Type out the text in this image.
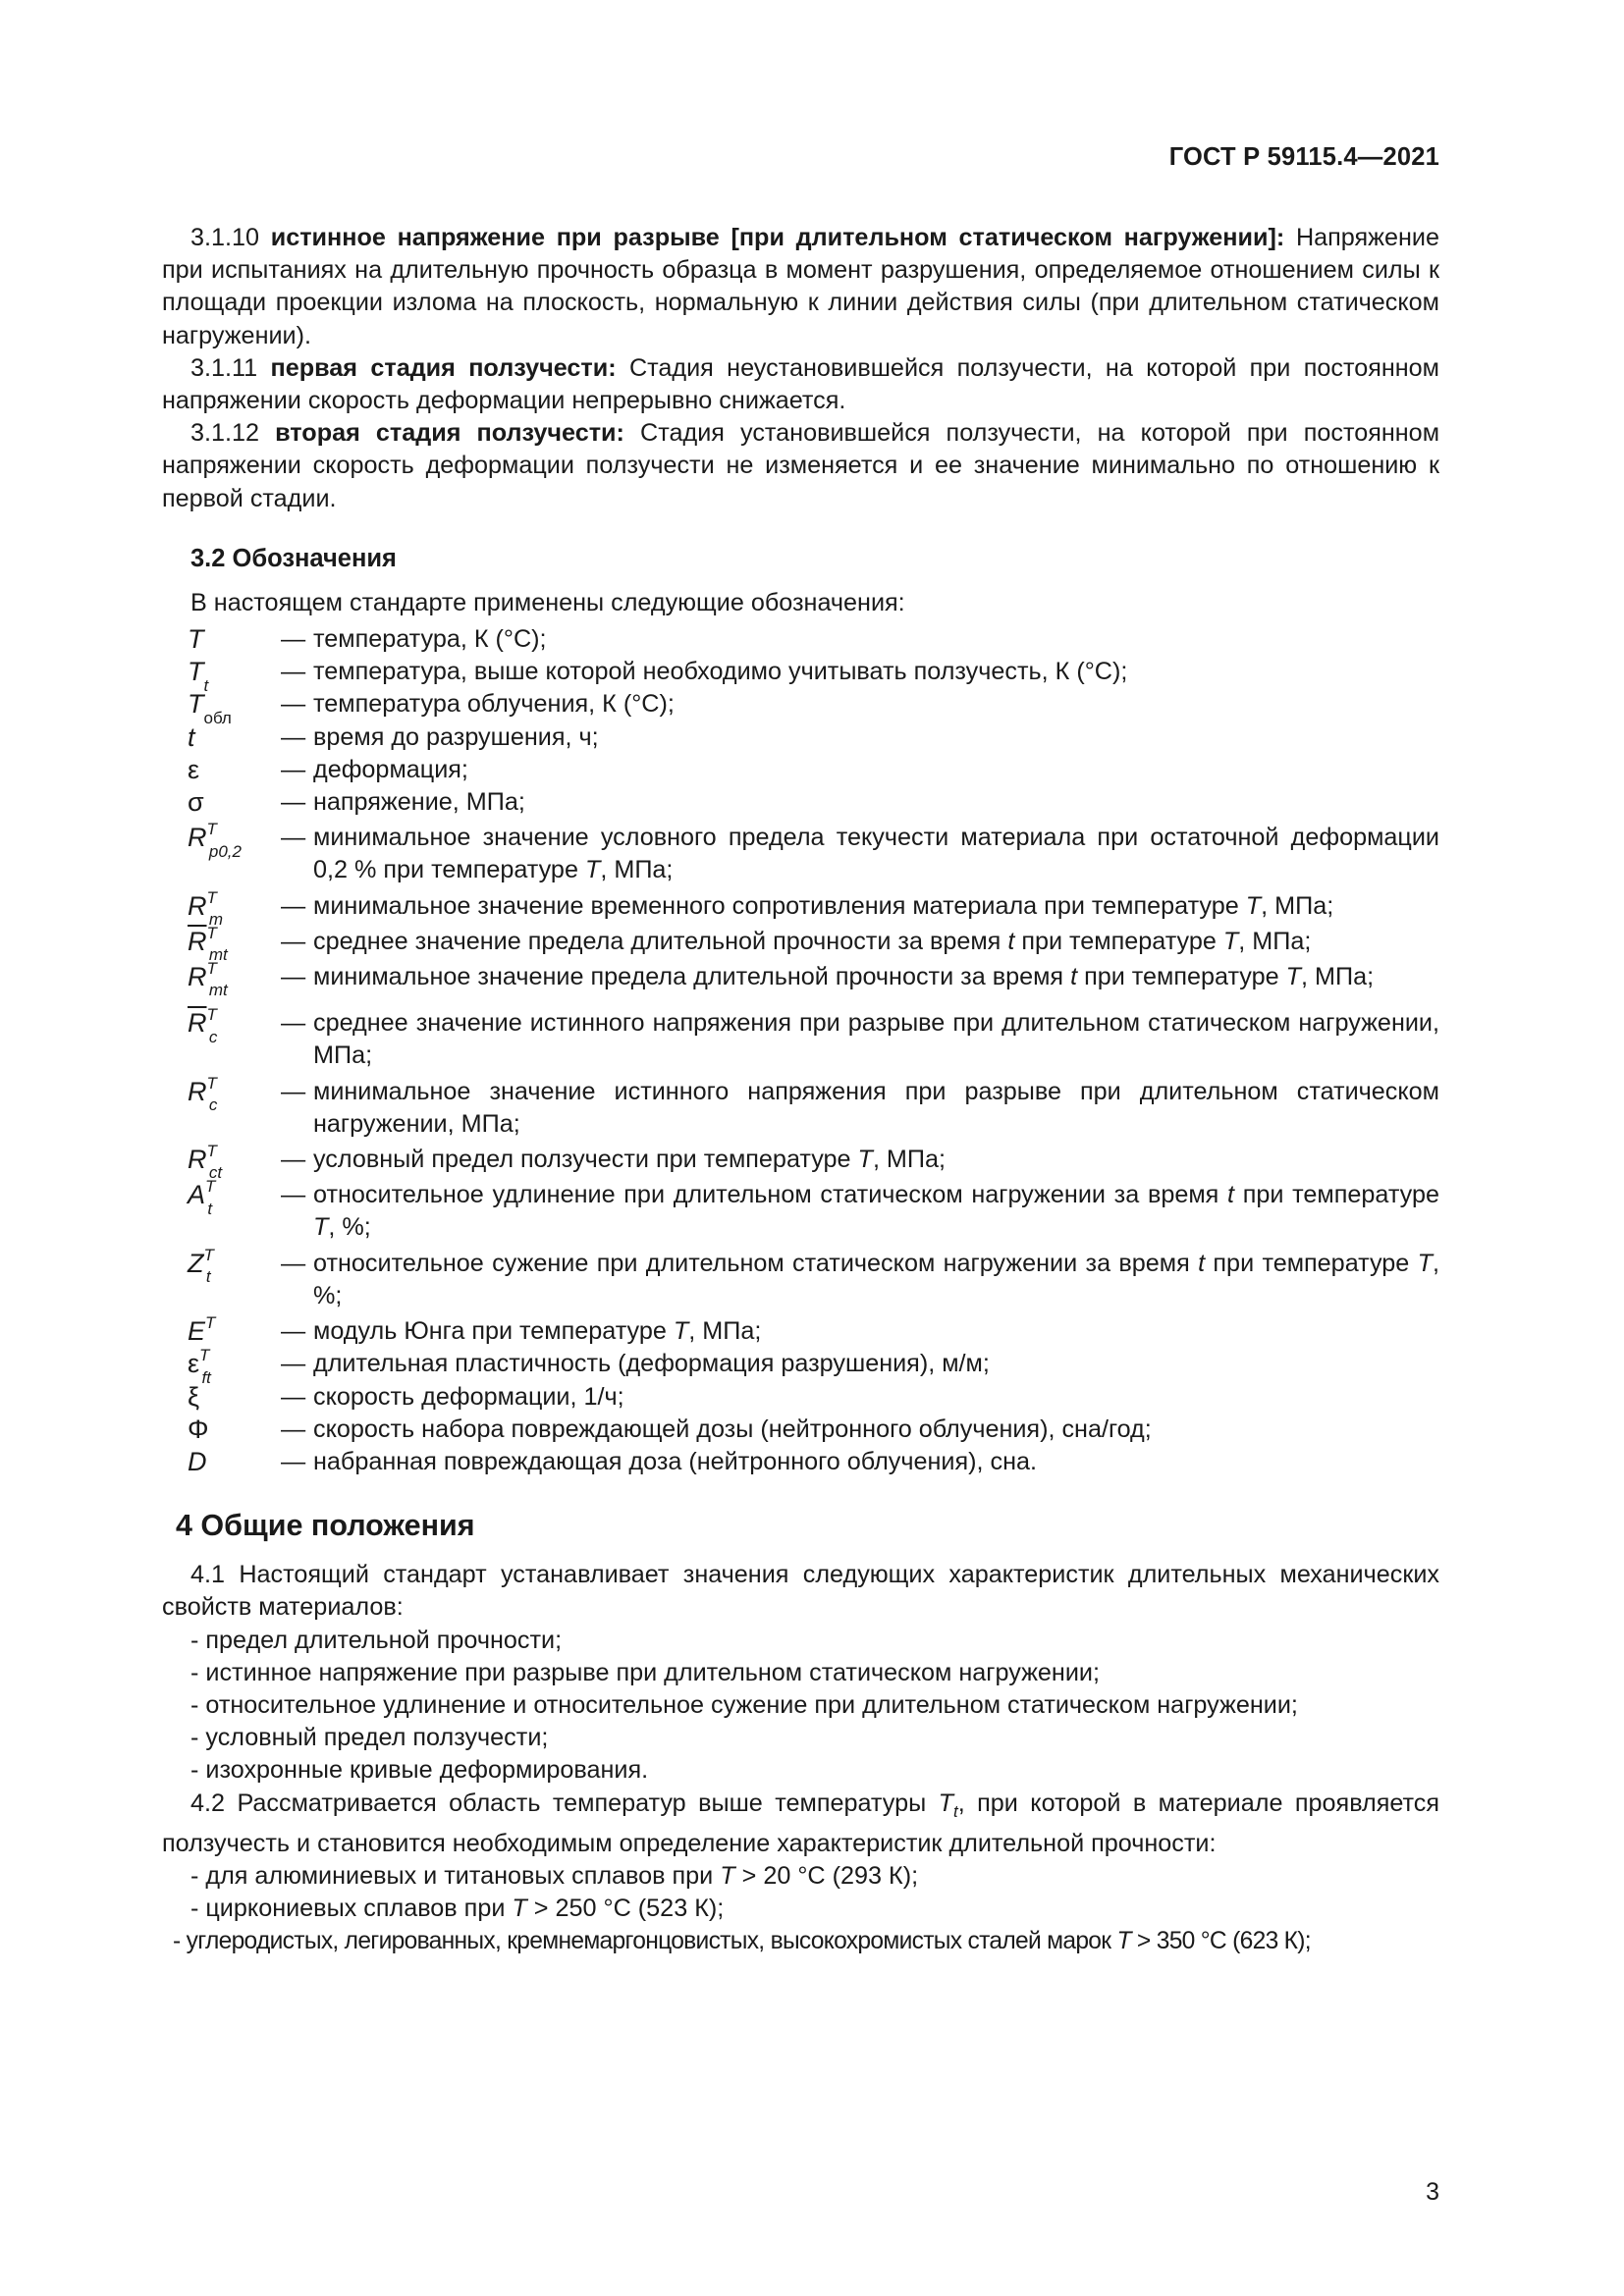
ГОСТ Р 59115.4—2021

3.1.10 истинное напряжение при разрыве [при длительном статическом нагружении]: Напряжение при испытаниях на длительную прочность образца в момент разрушения, определяемое отношением силы к площади проекции излома на плоскость, нормальную к линии действия силы (при длительном статическом нагружении).

3.1.11 первая стадия ползучести: Стадия неустановившейся ползучести, на которой при постоянном напряжении скорость деформации непрерывно снижается.

3.1.12 вторая стадия ползучести: Стадия установившейся ползучести, на которой при постоянном напряжении скорость деформации ползучести не изменяется и ее значение минимально по отношению к первой стадии.

3.2 Обозначения

В настоящем стандарте применены следующие обозначения:

T	— температура, К (°С);
$T_t$	— температура, выше которой необходимо учитывать ползучесть, К (°С);
$T_{обл}$	— температура облучения, К (°С);
t	— время до разрушения, ч;
ε	— деформация;
σ	— напряжение, МПа;
$R^T_{p0,2}$	— минимальное значение условного предела текучести материала при остаточной деформации 0,2 % при температуре T, МПа;
$R^T_m$	— минимальное значение временного сопротивления материала при температуре T, МПа;
$\overline{R}^T_{mt}$	— среднее значение предела длительной прочности за время t при температуре T, МПа;
$R^T_{mt}$	— минимальное значение предела длительной прочности за время t при температуре T, МПа;
$\overline{R}^T_c$	— среднее значение истинного напряжения при разрыве при длительном статическом нагружении, МПа;
$R^T_c$	— минимальное значение истинного напряжения при разрыве при длительном статическом нагружении, МПа;
$R^T_{ct}$	— условный предел ползучести при температуре T, МПа;
$A^T_t$	— относительное удлинение при длительном статическом нагружении за время t при температуре T, %;
$Z^T_t$	— относительное сужение при длительном статическом нагружении за время t при температуре T, %;
$E^T$	— модуль Юнга при температуре T, МПа;
$\varepsilon^T_{ft}$	— длительная пластичность (деформация разрушения), м/м;
ξ	— скорость деформации, 1/ч;
Φ	— скорость набора повреждающей дозы (нейтронного облучения), сна/год;
D	— набранная повреждающая доза (нейтронного облучения), сна.
4 Общие положения

4.1 Настоящий стандарт устанавливает значения следующих характеристик длительных механических свойств материалов:

- предел длительной прочности;

- истинное напряжение при разрыве при длительном статическом нагружении;

- относительное удлинение и относительное сужение при длительном статическом нагружении;

- условный предел ползучести;

- изохронные кривые деформирования.

4.2 Рассматривается область температур выше температуры $T_t$, при которой в материале проявляется ползучесть и становится необходимым определение характеристик длительной прочности:

- для алюминиевых и титановых сплавов при T > 20 °С (293 К);

- циркониевых сплавов при T > 250 °С (523 К);

- углеродистых, легированных, кремнемаргонцовистых, высокохромистых сталей марок T > 350 °С (623 К);

3
